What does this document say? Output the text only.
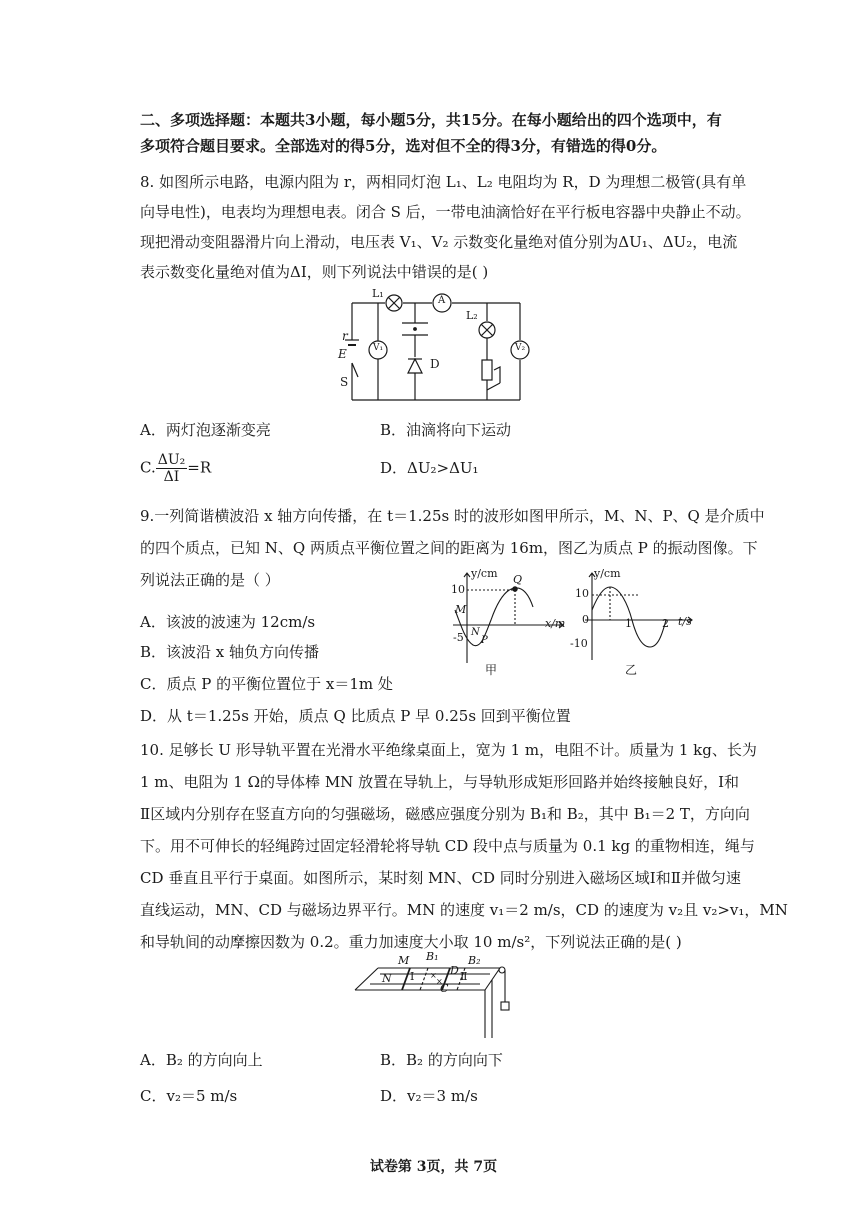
二、多项选择题：本题共3小题，每小题5分，共15分。在每小题给出的四个选项中，有
多项符合题目要求。全部选对的得5分，选对但不全的得3分，有错选的得0分。
8. 如图所示电路，电源内阻为 r，两相同灯泡 L₁、L₂ 电阻均为 R，D 为理想二极管(具有单
向导电性)，电表均为理想电表。闭合 S 后，一带电油滴恰好在平行板电容器中央静止不动。
现把滑动变阻器滑片向上滑动，电压表 V₁、V₂ 示数变化量绝对值分别为ΔU₁、ΔU₂，电流
表示数变化量绝对值为ΔI，则下列说法中错误的是( )
L₁
A
L₂
V₁	V₂
r
E
S
D
A．两灯泡逐渐变亮	B．油滴将向下运动
C. $\frac{\text{ΔU₂}}{\Delta I} =R$	D．ΔU₂>ΔU₁
9.一列简谐横波沿 x 轴方向传播，在 t＝1.25s 时的波形如图甲所示，M、N、P、Q 是介质中
的四个质点，已知 N、Q 两质点平衡位置之间的距离为 16m，图乙为质点 P 的振动图像。下
列说法正确的是（ ）
A．该波的波速为 12cm/s
B．该波沿 x 轴负方向传播
C．质点 P 的平衡位置位于 x＝1m 处
D．从 t＝1.25s 开始，质点 Q 比质点 P 早 0.25s 回到平衡位置
y/cm
x/m
10
-5
M
N
P
Q
甲
y/cm
t/s
10
-10
0	1	2
乙
10. 足够长 U 形导轨平置在光滑水平绝缘桌面上，宽为 1 m，电阻不计。质量为 1 kg、长为
1 m、电阻为 1 Ω的导体棒 MN 放置在导轨上，与导轨形成矩形回路并始终接触良好，Ⅰ和
Ⅱ区域内分别存在竖直方向的匀强磁场，磁感应强度分别为 B₁和 B₂，其中 B₁＝2 T，方向向
下。用不可伸长的轻绳跨过固定轻滑轮将导轨 CD 段中点与质量为 0.1 kg 的重物相连，绳与
CD 垂直且平行于桌面。如图所示，某时刻 MN、CD 同时分别进入磁场区域Ⅰ和Ⅱ并做匀速
直线运动，MN、CD 与磁场边界平行。MN 的速度 v₁＝2 m/s，CD 的速度为 v₂且 v₂>v₁，MN
和导轨间的动摩擦因数为 0.2。重力加速度大小取 10 m/s²，下列说法正确的是( )
×
×
M
N
B₁	B₂
D
C
Ⅰ	Ⅱ
A．B₂ 的方向向上	B．B₂ 的方向向下
C．v₂＝5 m/s	D．v₂＝3 m/s
试卷第 3页，共 7页
